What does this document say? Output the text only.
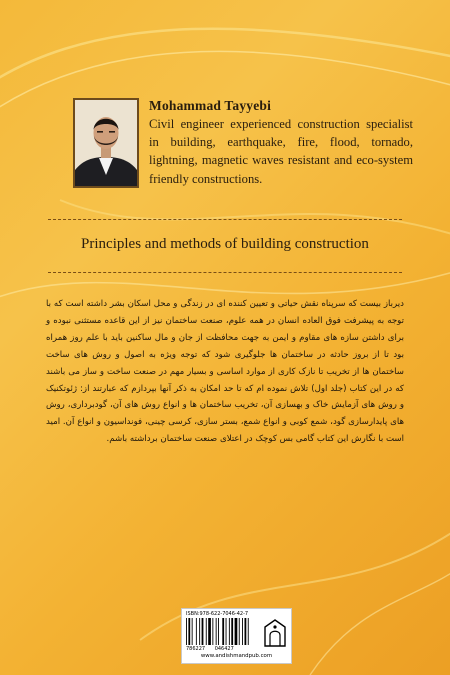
Mohammad Tayyebi

Civil engineer experienced construction specialist in building, earthquake, fire, flood, tornado, lightning, magnetic waves resistant and eco-system friendly constructions.

Principles and methods of building construction

دیرباز بیست که سرپناه نقش حیاتی و تعیین کننده ای در زندگی و محل اسکان بشر داشته است که با توجه به پیشرفت فوق العاده انسان در همه علوم، صنعت ساختمان نیز از این قاعده مستثنی نبوده و برای داشتن سازه های مقاوم و ایمن به جهت محافظت از جان و مال ساکنین باید با علم روز همراه بود تا از بروز حادثه در ساختمان ها جلوگیری شود که توجه ویژه به اصول و روش های ساخت ساختمان ها از تخریب تا نازک کاری از موارد اساسی و بسیار مهم در صنعت ساخت و ساز می باشند که در این کتاب (جلد اول) تلاش نموده ام که تا حد امکان به ذکر آنها بپردازم که عبارتند از: ژئوتکنیک و روش های آزمایش خاک و بهسازی آن، تخریب ساختمان ها و انواع روش های آن، گودبرداری، روش های پایدارسازی گود، شمع کوبی و انواع شمع، بستر سازی، کرسی چینی، فونداسیون و انواع آن. امید است با نگارش این کتاب گامی بس کوچک در اعتلای صنعت ساختمان برداشته باشم.

ISBN:978-622-7046-42-7
786227 046427
www.andishmandpub.com
